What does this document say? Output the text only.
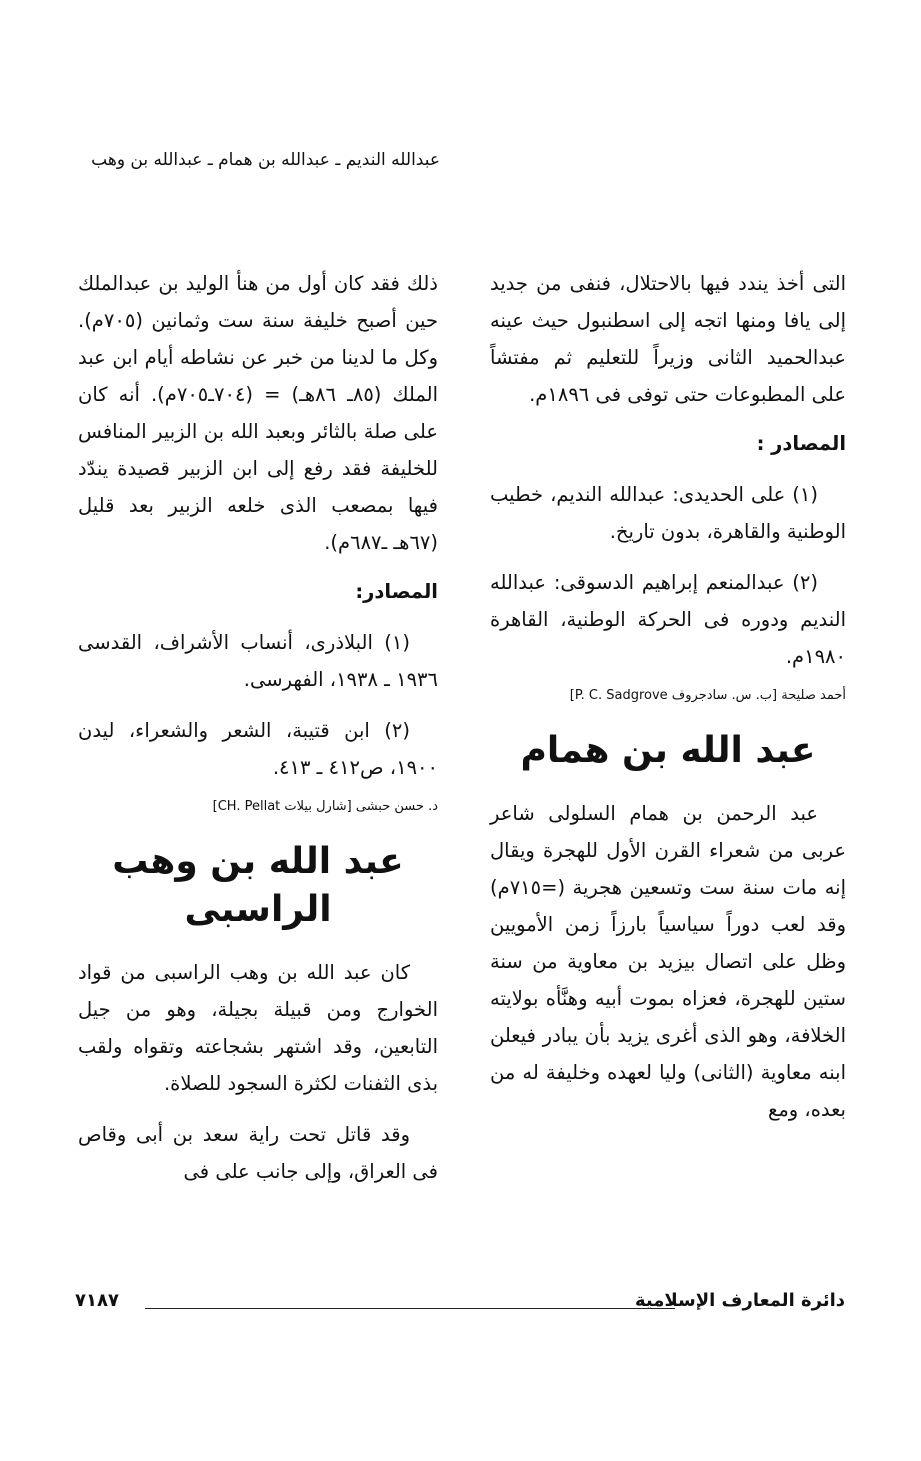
عبدالله النديم ـ عبدالله بن همام ـ عبدالله بن وهب

التى أخذ يندد فيها بالاحتلال، فنفى من جديد إلى يافا ومنها اتجه إلى اسطنبول حيث عينه عبدالحميد الثانى وزيراً للتعليم ثم مفتشاً على المطبوعات حتى توفى فى ١٨٩٦م.

المصادر :

(١) على الحديدى: عبدالله النديم، خطيب الوطنية والقاهرة، بدون تاريخ.

(٢) عبدالمنعم إبراهيم الدسوقى: عبدالله النديم ودوره فى الحركة الوطنية، القاهرة ١٩٨٠م.

أحمد صليحة [ب. س. سادجروف P. C. Sadgrove]

عبد الله بن همام

عبد الرحمن بن همام السلولى شاعر عربى من شعراء القرن الأول للهجرة ويقال إنه مات سنة ست وتسعين هجرية (=٧١٥م) وقد لعب دوراً سياسياً بارزاً زمن الأمويين وظل على اتصال بيزيد بن معاوية من سنة ستين للهجرة، فعزاه بموت أبيه وهنَّأه بولايته الخلافة، وهو الذى أغرى يزيد بأن يبادر فيعلن ابنه معاوية (الثانى) وليا لعهده وخليفة له من بعده، ومع

ذلك فقد كان أول من هنأ الوليد بن عبدالملك حين أصبح خليفة سنة ست وثمانين (٧٠٥م). وكل ما لدينا من خبر عن نشاطه أيام ابن عبد الملك (٨٥ـ ٨٦هـ) = (٧٠٤ـ٧٠٥م). أنه كان على صلة بالثائر وبعبد الله بن الزبير المنافس للخليفة فقد رفع إلى ابن الزبير قصيدة يندّد فيها بمصعب الذى خلعه الزبير بعد قليل (٦٧هـ ـ٦٨٧م).

المصادر:

(١) البلاذرى، أنساب الأشراف، القدسى ١٩٣٦ ـ ١٩٣٨، الفهرسى.

(٢) ابن قتيبة، الشعر والشعراء، ليدن ١٩٠٠، ص٤١٢ ـ ٤١٣.

د. حسن حبشى [شارل بيلات CH. Pellat]

عبد الله بن وهب الراسبى

كان عبد الله بن وهب الراسبى من قواد الخوارج ومن قبيلة بجيلة، وهو من جيل التابعين، وقد اشتهر بشجاعته وتقواه ولقب بذى الثفنات لكثرة السجود للصلاة.

وقد قاتل تحت راية سعد بن أبى وقاص فى العراق، وإلى جانب على فى

دائرة المعارف الإسلامية
٧١٨٧
